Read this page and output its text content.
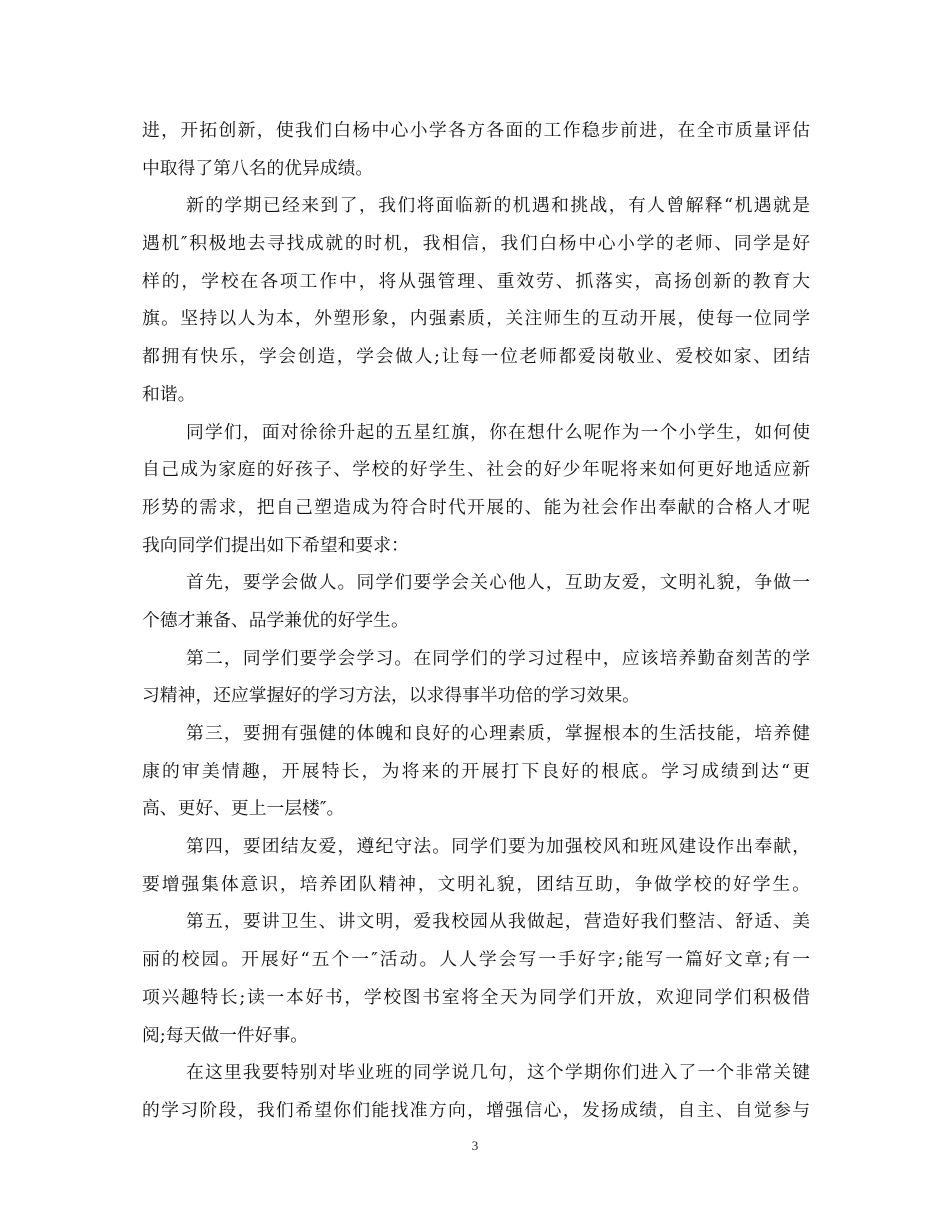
进，开拓创新，使我们白杨中心小学各方各面的工作稳步前进，在全市质量评估
中取得了第八名的优异成绩。
新的学期已经来到了，我们将面临新的机遇和挑战，有人曾解释“机遇就是
遇机″积极地去寻找成就的时机，我相信，我们白杨中心小学的老师、同学是好
样的，学校在各项工作中，将从强管理、重效劳、抓落实，高扬创新的教育大
旗。坚持以人为本，外塑形象，内强素质，关注师生的互动开展，使每一位同学
都拥有快乐，学会创造，学会做人;让每一位老师都爱岗敬业、爱校如家、团结
和谐。
同学们，面对徐徐升起的五星红旗，你在想什么呢作为一个小学生，如何使
自己成为家庭的好孩子、学校的好学生、社会的好少年呢将来如何更好地适应新
形势的需求，把自己塑造成为符合时代开展的、能为社会作出奉献的合格人才呢
我向同学们提出如下希望和要求：
首先，要学会做人。同学们要学会关心他人，互助友爱，文明礼貌，争做一
个德才兼备、品学兼优的好学生。
第二，同学们要学会学习。在同学们的学习过程中，应该培养勤奋刻苦的学
习精神，还应掌握好的学习方法，以求得事半功倍的学习效果。
第三，要拥有强健的体魄和良好的心理素质，掌握根本的生活技能，培养健
康的审美情趣，开展特长，为将来的开展打下良好的根底。学习成绩到达“更
高、更好、更上一层楼″。
第四，要团结友爱，遵纪守法。同学们要为加强校风和班风建设作出奉献，
要增强集体意识，培养团队精神，文明礼貌，团结互助，争做学校的好学生。
第五，要讲卫生、讲文明，爱我校园从我做起，营造好我们整洁、舒适、美
丽的校园。开展好“五个一″活动。人人学会写一手好字;能写一篇好文章;有一
项兴趣特长;读一本好书，学校图书室将全天为同学们开放，欢迎同学们积极借
阅;每天做一件好事。
在这里我要特别对毕业班的同学说几句，这个学期你们进入了一个非常关键
的学习阶段，我们希望你们能找准方向，增强信心，发扬成绩，自主、自觉参与
3
